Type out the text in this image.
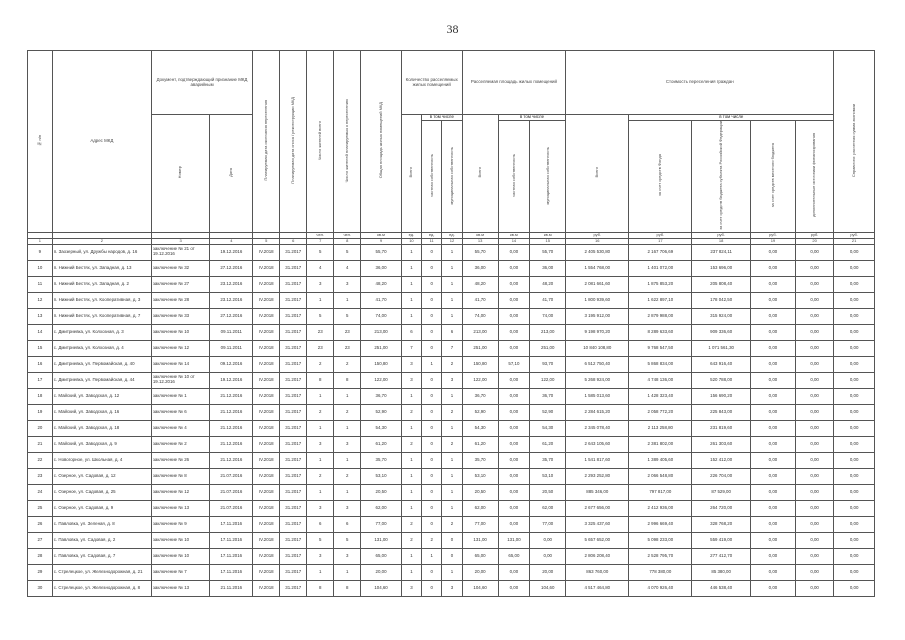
38
№ п/п	Адрес МКД	Документ, подтверждающий признание МКД аварийным		Планируемая дата окончания переселения	Планируемая дата сноса / реконструкции МКД	Число жителей всего	Число жителей планируемых к переселению	Общая площадь жилых помещений МКД	Количество расселяемых жилых помещений			Расселяемая площадь жилых помещений			Стоимость переселения граждан					Справочно: расчетная сумма экономии
		Номер	Дата						Всего	в том числе		Всего	в том числе		Всего	в том числе				
										частная собственность	муниципальная собственность		частная собственность	муниципальная собственность		за счет средств Фонда	за счет средств бюджета субъекта Российской Федерации	за счет средств местного бюджета	дополнительные источники финансирования	
						чел.	чел.	кв.м	ед.	ед.	ед.	кв.м	кв.м	кв.м	руб.	руб.	руб.	руб.	руб.	руб.
1	2	3	4	5	6	7	8	9	10	11	12	13	14	15	16	17	18	19	20	21
9	п. Заозерный, ул. Дружбы народов, д. 16	заключение № 21 от 19.12.2016	19.12.2016	IV.2018	31.2017	5	5	55,70	1	0	1	55,70	0,00	55,70	2 405 530,80	2 167 706,69	237 824,11	0,00	0,00	0,00
10	п. Нижний Бестях, ул. Западная, д. 13	заключение № 32	27.12.2016	IV.2018	31.2017	4	4	36,00	1	0	1	36,00	0,00	36,00	1 554 768,00	1 401 072,00	153 696,00	0,00	0,00	0,00
11	п. Нижний Бестях, ул. Западная, д. 2	заключение № 27	23.12.2016	IV.2018	31.2017	3	3	48,20	1	0	1	48,20	0,00	48,20	2 081 661,60	1 875 853,20	205 808,40	0,00	0,00	0,00
12	п. Нижний Бестях, ул. Кооперативная, д. 3	заключение № 28	23.12.2016	IV.2018	31.2017	1	1	41,70	1	0	1	41,70	0,00	41,70	1 800 939,60	1 622 897,10	178 042,50	0,00	0,00	0,00
13	п. Нижний Бестях, ул. Кооперативная, д. 7	заключение № 33	27.12.2016	IV.2018	31.2017	5	5	74,00	1	0	1	74,00	0,00	74,00	3 195 912,00	2 879 988,00	315 924,00	0,00	0,00	0,00
14	с. Дмитриевка, ул. Колхозная, д. 3	заключение № 10	09.11.2011	IV.2018	31.2017	23	23	213,00	6	0	6	213,00	0,00	213,00	9 198 970,20	8 289 633,60	909 336,60	0,00	0,00	0,00
15	с. Дмитриевка, ул. Колхозная, д. 4	заключение № 12	09.11.2011	IV.2018	31.2017	23	23	251,00	7	0	7	251,00	0,00	251,00	10 840 108,80	9 768 547,50	1 071 561,30	0,00	0,00	0,00
16	с. Дмитриевка, ул. Первомайская, д. 40	заключение № 14	09.12.2016	IV.2018	31.2017	2	2	150,80	3	1	2	150,80	57,10	93,70	6 512 750,40	5 868 834,00	643 916,40	0,00	0,00	0,00
17	с. Дмитриевка, ул. Первомайская, д. 44	заключение № 10 от 19.12.2016	19.12.2016	IV.2018	31.2017	8	8	122,00	3	0	3	122,00	0,00	122,00	5 268 924,00	4 748 136,00	520 788,00	0,00	0,00	0,00
18	с. Майский, ул. Заводская, д. 12	заключение № 1	21.12.2016	IV.2018	31.2017	1	1	36,70	1	0	1	36,70	0,00	36,70	1 585 013,60	1 428 323,40	156 690,20	0,00	0,00	0,00
19	с. Майский, ул. Заводская, д. 16	заключение № 6	21.12.2016	IV.2018	31.2017	2	2	52,90	2	0	2	52,90	0,00	52,90	2 284 615,20	2 058 772,20	225 843,00	0,00	0,00	0,00
20	с. Майский, ул. Заводская, д. 18	заключение № 4	21.12.2016	IV.2018	31.2017	1	1	54,30	1	0	1	54,30	0,00	54,30	2 345 078,40	2 113 258,80	231 819,60	0,00	0,00	0,00
21	с. Майский, ул. Заводская, д. 9	заключение № 2	21.12.2016	IV.2018	31.2017	3	3	61,20	2	0	2	61,20	0,00	61,20	2 643 105,60	2 381 802,00	261 303,60	0,00	0,00	0,00
22	с. Новогорное, ул. Школьная, д. 4	заключение № 26	21.12.2016	IV.2018	31.2017	1	1	35,70	1	0	1	35,70	0,00	35,70	1 541 817,60	1 389 405,60	152 412,00	0,00	0,00	0,00
23	с. Озерное, ул. Садовая, д. 12	заключение № 8	21.07.2016	IV.2018	31.2017	2	2	53,10	1	0	1	53,10	0,00	53,10	2 293 252,80	2 066 548,80	226 704,00	0,00	0,00	0,00
24	с. Озерное, ул. Садовая, д. 25	заключение № 12	21.07.2016	IV.2018	31.2017	1	1	20,50	1	0	1	20,50	0,00	20,50	885 346,00	797 817,00	87 529,00	0,00	0,00	0,00
25	с. Озерное, ул. Садовая, д. 9	заключение № 13	21.07.2016	IV.2018	31.2017	3	3	62,00	1	0	1	62,00	0,00	62,00	2 677 656,00	2 412 936,00	264 720,00	0,00	0,00	0,00
26	с. Павловка, ул. Зеленая, д. 8	заключение № 9	17.11.2016	IV.2018	31.2017	6	6	77,00	2	0	2	77,00	0,00	77,00	3 325 437,60	2 996 669,40	328 768,20	0,00	0,00	0,00
27	с. Павловка, ул. Садовая, д. 2	заключение № 10	17.11.2016	IV.2018	31.2017	5	5	131,00	2	2	0	131,00	131,00	0,00	5 657 652,00	5 098 233,00	559 419,00	0,00	0,00	0,00
28	с. Павловка, ул. Садовая, д. 7	заключение № 10	17.11.2016	IV.2018	31.2017	3	3	65,00	1	1	0	65,00	65,00	0,00	2 806 208,40	2 528 795,70	277 412,70	0,00	0,00	0,00
29	с. Стрелецкое, ул. Железнодорожная, д. 21	заключение № 7	17.11.2016	IV.2018	31.2017	1	1	20,00	1	0	1	20,00	0,00	20,00	863 760,00	778 380,00	85 380,00	0,00	0,00	0,00
30	с. Стрелецкое, ул. Железнодорожная, д. 8	заключение № 13	21.11.2016	IV.2018	31.2017	8	8	104,60	3	0	3	104,60	0,00	104,60	4 517 464,80	4 070 926,40	446 538,40	0,00	0,00	0,00
